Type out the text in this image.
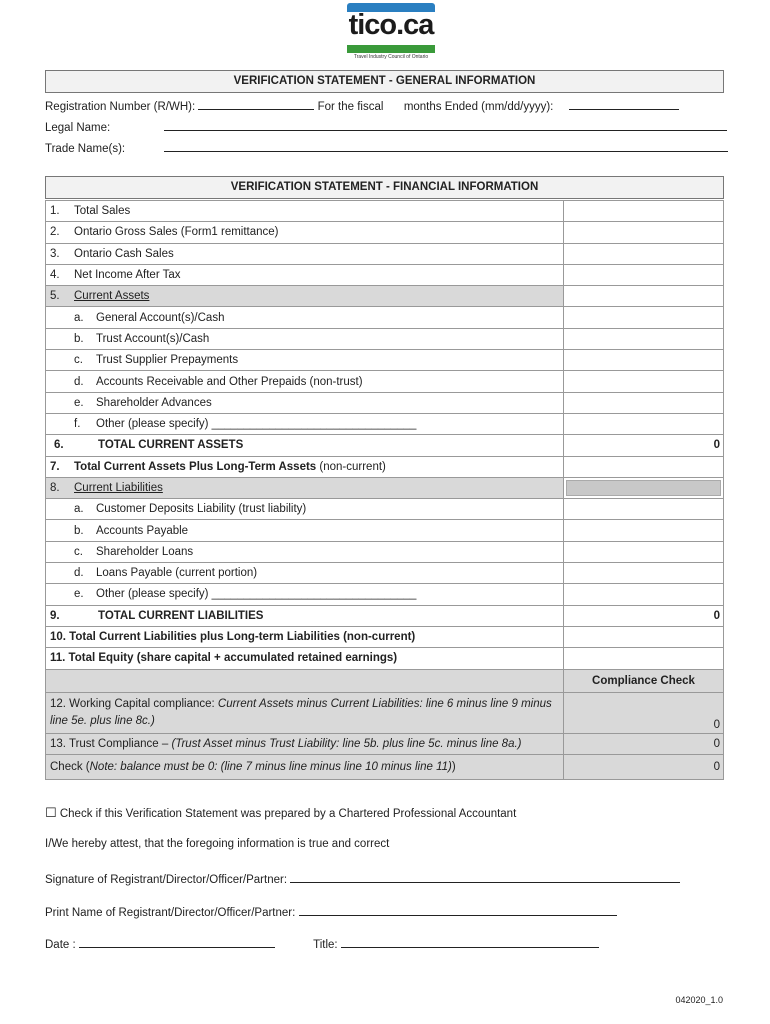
tico.ca
Travel Industry Council of Ontario
VERIFICATION STATEMENT - GENERAL INFORMATION
Registration Number (R/WH):	For the fiscal months Ended (mm/dd/yyyy):
Legal Name:
Trade Name(s):
VERIFICATION STATEMENT - FINANCIAL INFORMATION
1. Total Sales	
2. Ontario Gross Sales (Form1 remittance)	
3. Ontario Cash Sales	
4. Net Income After Tax	
5. Current Assets	
a. General Account(s)/Cash	
b. Trust Account(s)/Cash	
c. Trust Supplier Prepayments	
d. Accounts Receivable and Other Prepaids (non-trust)	
e. Shareholder Advances	
f. Other (please specify) ________________________________	
6. TOTAL CURRENT ASSETS	0
7. Total Current Assets Plus Long-Term Assets (non-current)	
8. Current Liabilities	

a. Customer Deposits Liability (trust liability)	
b. Accounts Payable	
c. Shareholder Loans	
d. Loans Payable (current portion)	
e. Other (please specify) ________________________________	
9. TOTAL CURRENT LIABILITIES	0
10. Total Current Liabilities plus Long-term Liabilities (non-current)	
11. Total Equity (share capital + accumulated retained earnings)	
	Compliance Check
12. Working Capital compliance: Current Assets minus Current Liabilities: line 6 minus line 9 minus line 5e. plus line 8c.)	0
13. Trust Compliance – (Trust Asset minus Trust Liability: line 5b. plus line 5c. minus line 8a.)	0
Check (Note: balance must be 0: (line 7 minus line minus line 10 minus line 11))	0
☐ Check if this Verification Statement was prepared by a Chartered Professional Accountant
I/We hereby attest, that the foregoing information is true and correct
Signature of Registrant/Director/Officer/Partner:
Print Name of Registrant/Director/Officer/Partner:
Date :	Title:
042020_1.0
